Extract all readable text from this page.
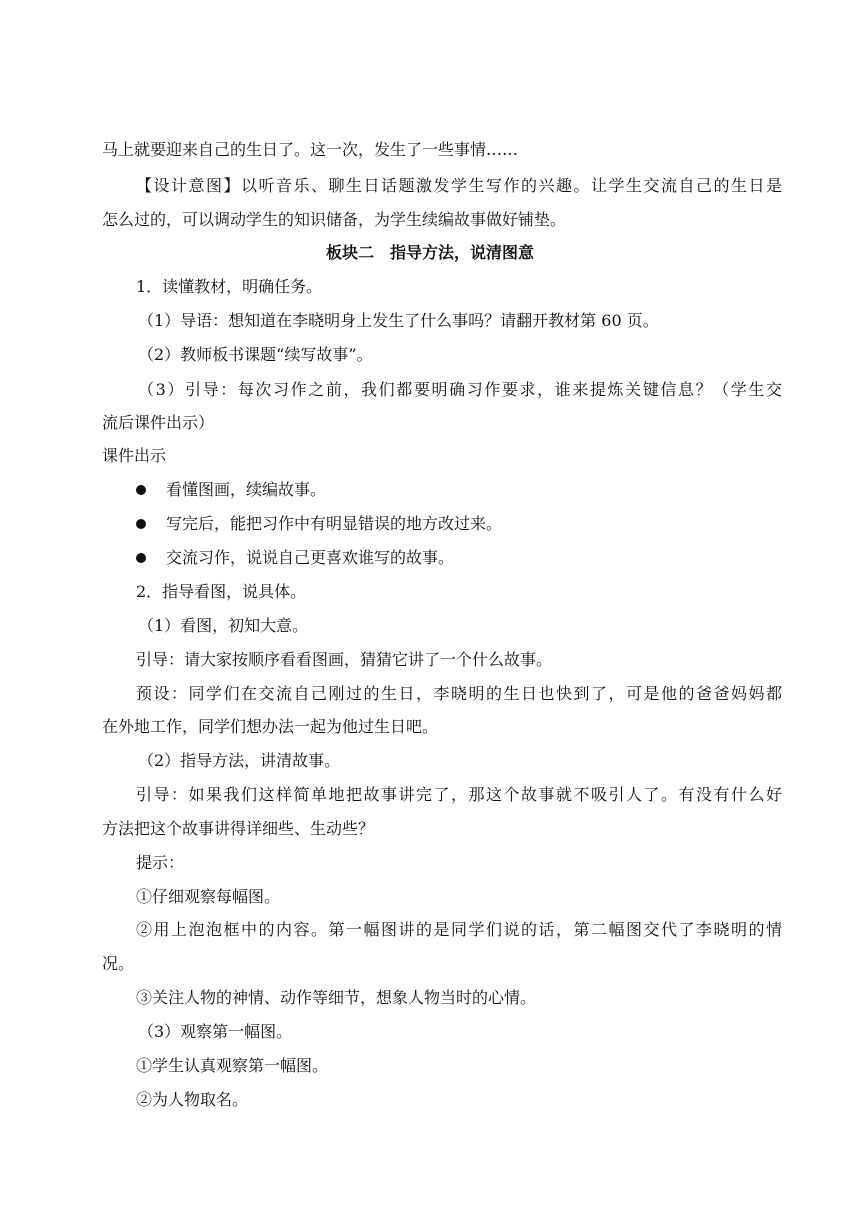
马上就要迎来自己的生日了。这一次，发生了一些事情……
【设计意图】以听音乐、聊生日话题激发学生写作的兴趣。让学生交流自己的生日是
怎么过的，可以调动学生的知识储备，为学生续编故事做好铺垫。
板块二　指导方法，说清图意
1．读懂教材，明确任务。
（1）导语：想知道在李晓明身上发生了什么事吗？请翻开教材第 60 页。
（2）教师板书课题“续写故事”。
（3）引导：每次习作之前，我们都要明确习作要求，谁来提炼关键信息？（学生交
流后课件出示）
课件出示
看懂图画，续编故事。
写完后，能把习作中有明显错误的地方改过来。
交流习作，说说自己更喜欢谁写的故事。
2．指导看图，说具体。
（1）看图，初知大意。
引导：请大家按顺序看看图画，猜猜它讲了一个什么故事。
预设：同学们在交流自己刚过的生日，李晓明的生日也快到了，可是他的爸爸妈妈都
在外地工作，同学们想办法一起为他过生日吧。
（2）指导方法，讲清故事。
引导：如果我们这样简单地把故事讲完了，那这个故事就不吸引人了。有没有什么好
方法把这个故事讲得详细些、生动些？
提示：
①仔细观察每幅图。
②用上泡泡框中的内容。第一幅图讲的是同学们说的话，第二幅图交代了李晓明的情
况。
③关注人物的神情、动作等细节，想象人物当时的心情。
（3）观察第一幅图。
①学生认真观察第一幅图。
②为人物取名。
